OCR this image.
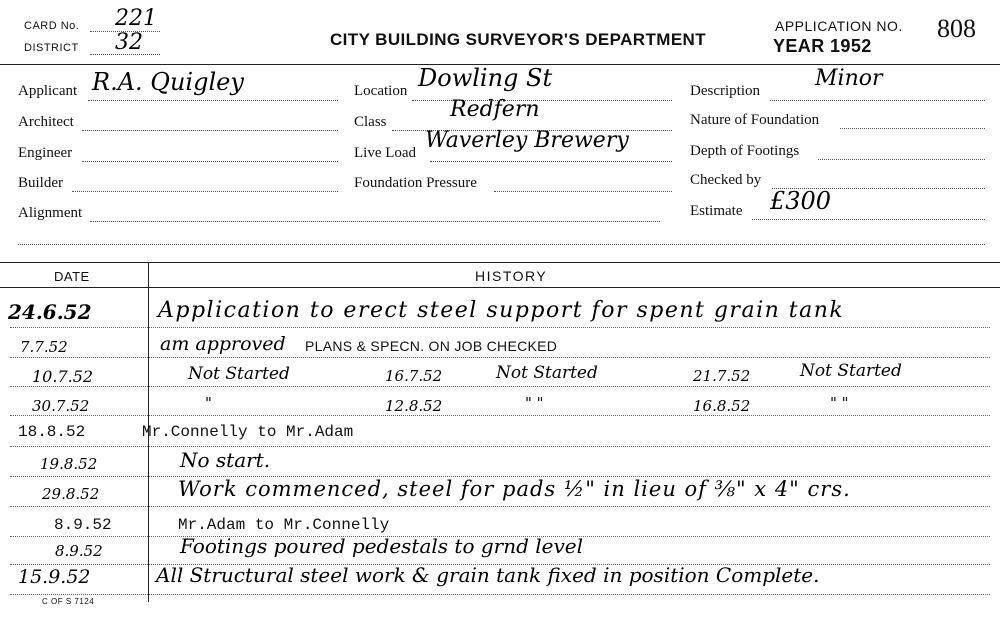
CARD No. 221
DISTRICT 32	CITY BUILDING SURVEYOR'S DEPARTMENT
APPLICATION NO. 808
YEAR 1952
Applicant R.A. Quigley
Architect
Engineer
Builder
Alignment
Location Dowling St
Class	Redfern
Live Load Waverley Brewery
Foundation Pressure
Description	Minor
Nature of Foundation
Depth of Footings
Checked by
Estimate £300
DATE	HISTORY
24.6.52	Application to erect steel support for spent grain tank
7.7.52	am approved PLANS & SPECN. ON JOB CHECKED
10.7.52	Not Started	16.7.52	Not Started	21.7.52	Not Started
30.7.52	"	12.8.52	" "	16.8.52	" "
18.8.52	Mr.Connelly to Mr.Adam
19.8.52	No start.
29.8.52	Work commenced, steel for pads ½" in lieu of ⅜" x 4" crs.
8.9.52	Mr.Adam to Mr.Connelly
8.9.52	Footings poured pedestals to grnd level
15.9.52	All Structural steel work & grain tank fixed in position Complete.
C OF S 7124
